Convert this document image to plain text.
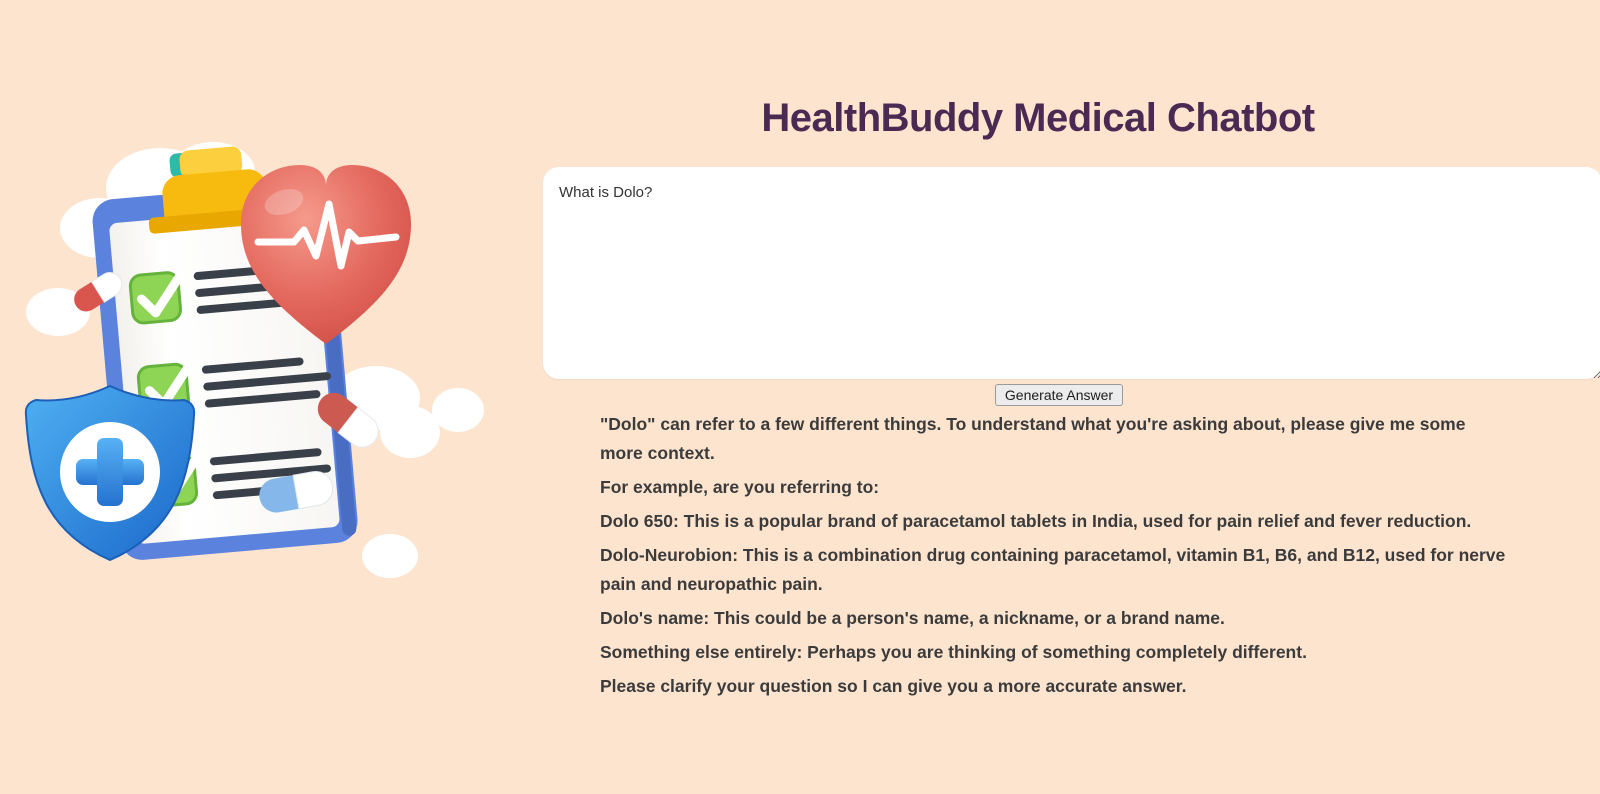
HealthBuddy Medical Chatbot
What is Dolo?
Generate Answer

"Dolo" can refer to a few different things. To understand what you're asking about, please give me some more context.

For example, are you referring to:

Dolo 650: This is a popular brand of paracetamol tablets in India, used for pain relief and fever reduction.

Dolo-Neurobion: This is a combination drug containing paracetamol, vitamin B1, B6, and B12, used for nerve pain and neuropathic pain.

Dolo's name: This could be a person's name, a nickname, or a brand name.

Something else entirely: Perhaps you are thinking of something completely different.

Please clarify your question so I can give you a more accurate answer.
